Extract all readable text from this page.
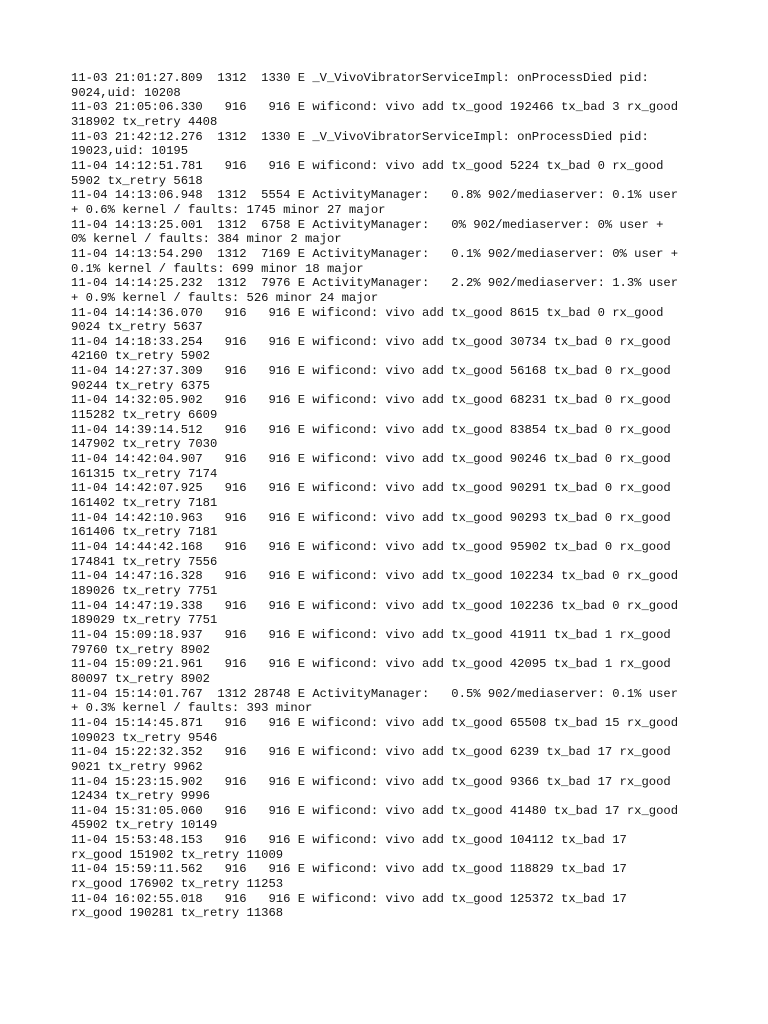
11-03 21:01:27.809  1312  1330 E _V_VivoVibratorServiceImpl: onProcessDied pid:
9024,uid: 10208

11-03 21:05:06.330   916   916 E wificond: vivo add tx_good 192466 tx_bad 3 rx_good
318902 tx_retry 4408

11-03 21:42:12.276  1312  1330 E _V_VivoVibratorServiceImpl: onProcessDied pid:
19023,uid: 10195

11-04 14:12:51.781   916   916 E wificond: vivo add tx_good 5224 tx_bad 0 rx_good
5902 tx_retry 5618

11-04 14:13:06.948  1312  5554 E ActivityManager:   0.8% 902/mediaserver: 0.1% user
+ 0.6% kernel / faults: 1745 minor 27 major

11-04 14:13:25.001  1312  6758 E ActivityManager:   0% 902/mediaserver: 0% user +
0% kernel / faults: 384 minor 2 major

11-04 14:13:54.290  1312  7169 E ActivityManager:   0.1% 902/mediaserver: 0% user +
0.1% kernel / faults: 699 minor 18 major

11-04 14:14:25.232  1312  7976 E ActivityManager:   2.2% 902/mediaserver: 1.3% user
+ 0.9% kernel / faults: 526 minor 24 major

11-04 14:14:36.070   916   916 E wificond: vivo add tx_good 8615 tx_bad 0 rx_good
9024 tx_retry 5637

11-04 14:18:33.254   916   916 E wificond: vivo add tx_good 30734 tx_bad 0 rx_good
42160 tx_retry 5902

11-04 14:27:37.309   916   916 E wificond: vivo add tx_good 56168 tx_bad 0 rx_good
90244 tx_retry 6375

11-04 14:32:05.902   916   916 E wificond: vivo add tx_good 68231 tx_bad 0 rx_good
115282 tx_retry 6609

11-04 14:39:14.512   916   916 E wificond: vivo add tx_good 83854 tx_bad 0 rx_good
147902 tx_retry 7030

11-04 14:42:04.907   916   916 E wificond: vivo add tx_good 90246 tx_bad 0 rx_good
161315 tx_retry 7174

11-04 14:42:07.925   916   916 E wificond: vivo add tx_good 90291 tx_bad 0 rx_good
161402 tx_retry 7181

11-04 14:42:10.963   916   916 E wificond: vivo add tx_good 90293 tx_bad 0 rx_good
161406 tx_retry 7181

11-04 14:44:42.168   916   916 E wificond: vivo add tx_good 95902 tx_bad 0 rx_good
174841 tx_retry 7556

11-04 14:47:16.328   916   916 E wificond: vivo add tx_good 102234 tx_bad 0 rx_good
189026 tx_retry 7751

11-04 14:47:19.338   916   916 E wificond: vivo add tx_good 102236 tx_bad 0 rx_good
189029 tx_retry 7751

11-04 15:09:18.937   916   916 E wificond: vivo add tx_good 41911 tx_bad 1 rx_good
79760 tx_retry 8902

11-04 15:09:21.961   916   916 E wificond: vivo add tx_good 42095 tx_bad 1 rx_good
80097 tx_retry 8902

11-04 15:14:01.767  1312 28748 E ActivityManager:   0.5% 902/mediaserver: 0.1% user
+ 0.3% kernel / faults: 393 minor

11-04 15:14:45.871   916   916 E wificond: vivo add tx_good 65508 tx_bad 15 rx_good
109023 tx_retry 9546

11-04 15:22:32.352   916   916 E wificond: vivo add tx_good 6239 tx_bad 17 rx_good
9021 tx_retry 9962

11-04 15:23:15.902   916   916 E wificond: vivo add tx_good 9366 tx_bad 17 rx_good
12434 tx_retry 9996

11-04 15:31:05.060   916   916 E wificond: vivo add tx_good 41480 tx_bad 17 rx_good
45902 tx_retry 10149

11-04 15:53:48.153   916   916 E wificond: vivo add tx_good 104112 tx_bad 17
rx_good 151902 tx_retry 11009

11-04 15:59:11.562   916   916 E wificond: vivo add tx_good 118829 tx_bad 17
rx_good 176902 tx_retry 11253

11-04 16:02:55.018   916   916 E wificond: vivo add tx_good 125372 tx_bad 17
rx_good 190281 tx_retry 11368
